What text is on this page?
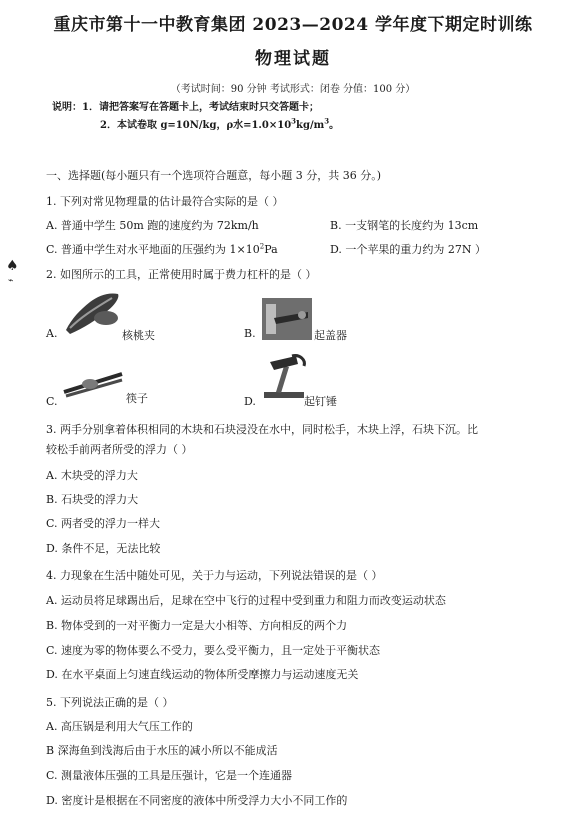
重庆市第十一中教育集团 2023—2024 学年度下期定时训练
物理试题
（考试时间：90 分钟 考试形式：闭卷 分值：100 分）
说明：1．请把答案写在答题卡上，考试结束时只交答题卡；
2．本试卷取 g=10N/kg，ρ水$=1.0\times 10^3kg/m^3$。
一、选择题(每小题只有一个选项符合题意，每小题 3 分，共 36 分。)
1. 下列对常见物理量的估计最符合实际的是（ ）
A. 普通中学生 50m 跑的速度约为 72km/h	B. 一支钢笔的长度约为 13cm
C. 普通中学生对水平地面的压强约为 $1\times 10^2Pa$	D. 一个苹果的重力约为 27N ）
♠
⌁	2. 如图所示的工具，正常使用时属于费力杠杆的是（ ）
A.	核桃夹	B.	起盖器
C.	筷子	D.	起钉锤
3. 两手分别拿着体积相同的木块和石块浸没在水中，同时松手，木块上浮，石块下沉。比
较松手前两者所受的浮力（ ）
A. 木块受的浮力大
B. 石块受的浮力大
C. 两者受的浮力一样大
D. 条件不足，无法比较
4. 力现象在生活中随处可见，关于力与运动，下列说法错误的是（ ）
A. 运动员将足球踢出后，足球在空中飞行的过程中受到重力和阻力而改变运动状态
B. 物体受到的一对平衡力一定是大小相等、方向相反的两个力
C. 速度为零的物体要么不受力，要么受平衡力，且一定处于平衡状态
D. 在水平桌面上匀速直线运动的物体所受摩擦力与运动速度无关
5. 下列说法正确的是（ ）
A. 高压锅是利用大气压工作的
B 深海鱼到浅海后由于水压的减小所以不能成活
C. 测量液体压强的工具是压强计，它是一个连通器
D. 密度计是根据在不同密度的液体中所受浮力大小不同工作的
